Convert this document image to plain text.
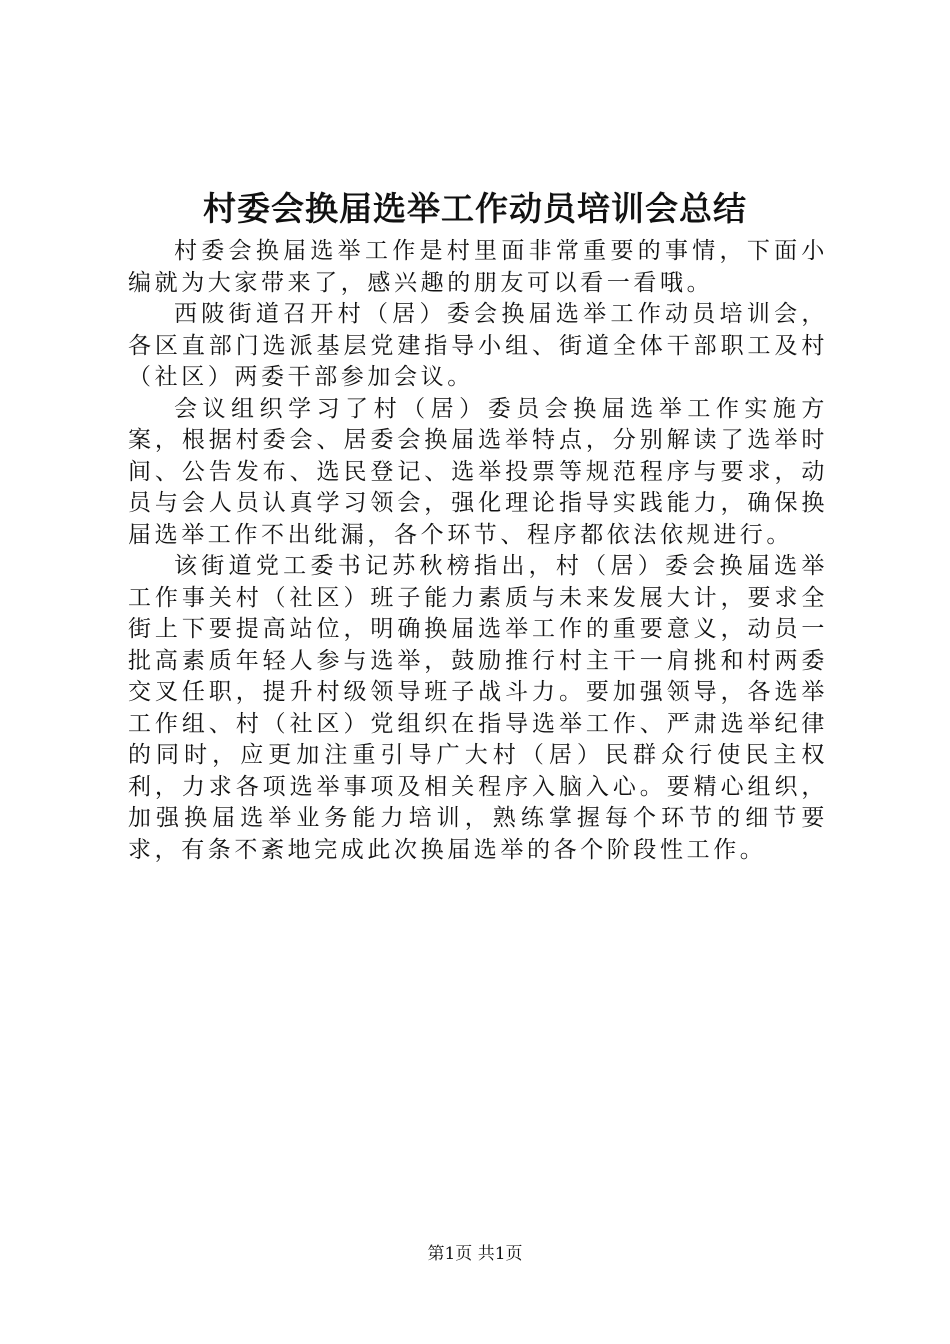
村委会换届选举工作动员培训会总结

村委会换届选举工作是村里面非常重要的事情，下面小编就为大家带来了，感兴趣的朋友可以看一看哦。

西陂街道召开村（居）委会换届选举工作动员培训会，各区直部门选派基层党建指导小组、街道全体干部职工及村（社区）两委干部参加会议。

会议组织学习了村（居）委员会换届选举工作实施方案，根据村委会、居委会换届选举特点，分别解读了选举时间、公告发布、选民登记、选举投票等规范程序与要求，动员与会人员认真学习领会，强化理论指导实践能力，确保换届选举工作不出纰漏，各个环节、程序都依法依规进行。

该街道党工委书记苏秋榜指出，村（居）委会换届选举工作事关村（社区）班子能力素质与未来发展大计，要求全街上下要提高站位，明确换届选举工作的重要意义，动员一批高素质年轻人参与选举，鼓励推行村主干一肩挑和村两委交叉任职，提升村级领导班子战斗力。要加强领导，各选举工作组、村（社区）党组织在指导选举工作、严肃选举纪律的同时，应更加注重引导广大村（居）民群众行使民主权利，力求各项选举事项及相关程序入脑入心。要精心组织，加强换届选举业务能力培训，熟练掌握每个环节的细节要求，有条不紊地完成此次换届选举的各个阶段性工作。

第1页 共1页
